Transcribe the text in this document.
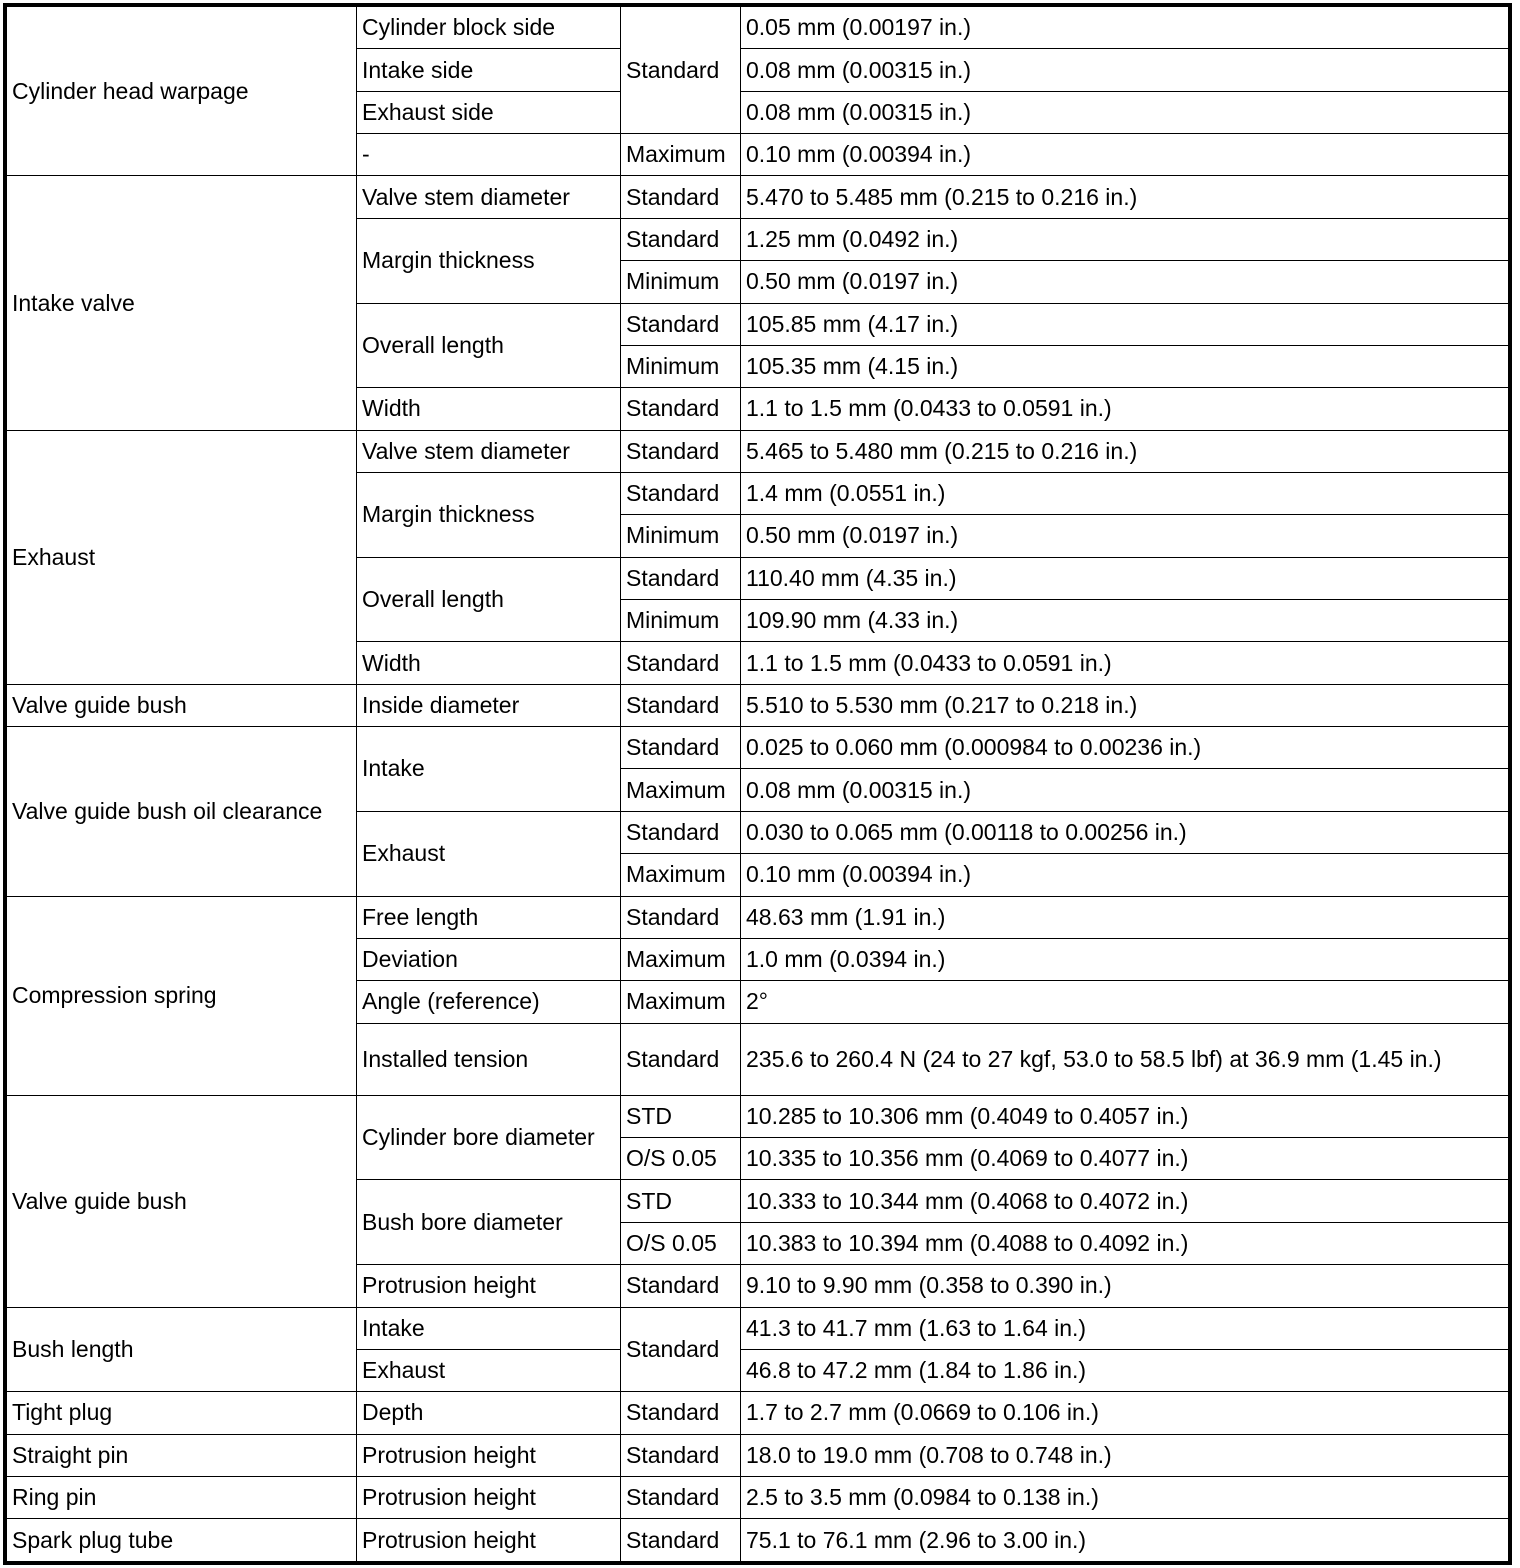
Cylinder head warpage	Cylinder block side	Standard	0.05 mm (0.00197 in.)
	Intake side		0.08 mm (0.00315 in.)
	Exhaust side		0.08 mm (0.00315 in.)
	-	Maximum	0.10 mm (0.00394 in.)
Intake valve	Valve stem diameter	Standard	5.470 to 5.485 mm (0.215 to 0.216 in.)
	Margin thickness	Standard	1.25 mm (0.0492 in.)
		Minimum	0.50 mm (0.0197 in.)
	Overall length	Standard	105.85 mm (4.17 in.)
		Minimum	105.35 mm (4.15 in.)
	Width	Standard	1.1 to 1.5 mm (0.0433 to 0.0591 in.)
Exhaust	Valve stem diameter	Standard	5.465 to 5.480 mm (0.215 to 0.216 in.)
	Margin thickness	Standard	1.4 mm (0.0551 in.)
		Minimum	0.50 mm (0.0197 in.)
	Overall length	Standard	110.40 mm (4.35 in.)
		Minimum	109.90 mm (4.33 in.)
	Width	Standard	1.1 to 1.5 mm (0.0433 to 0.0591 in.)
Valve guide bush	Inside diameter	Standard	5.510 to 5.530 mm (0.217 to 0.218 in.)
Valve guide bush oil clearance	Intake	Standard	0.025 to 0.060 mm (0.000984 to 0.00236 in.)
		Maximum	0.08 mm (0.00315 in.)
	Exhaust	Standard	0.030 to 0.065 mm (0.00118 to 0.00256 in.)
		Maximum	0.10 mm (0.00394 in.)
Compression spring	Free length	Standard	48.63 mm (1.91 in.)
	Deviation	Maximum	1.0 mm (0.0394 in.)
	Angle (reference)	Maximum	2°
	Installed tension	Standard	235.6 to 260.4 N (24 to 27 kgf, 53.0 to 58.5 lbf) at 36.9 mm (1.45 in.)
Valve guide bush	Cylinder bore diameter	STD	10.285 to 10.306 mm (0.4049 to 0.4057 in.)
		O/S 0.05	10.335 to 10.356 mm (0.4069 to 0.4077 in.)
	Bush bore diameter	STD	10.333 to 10.344 mm (0.4068 to 0.4072 in.)
		O/S 0.05	10.383 to 10.394 mm (0.4088 to 0.4092 in.)
	Protrusion height	Standard	9.10 to 9.90 mm (0.358 to 0.390 in.)
Bush length	Intake	Standard	41.3 to 41.7 mm (1.63 to 1.64 in.)
	Exhaust		46.8 to 47.2 mm (1.84 to 1.86 in.)
Tight plug	Depth	Standard	1.7 to 2.7 mm (0.0669 to 0.106 in.)
Straight pin	Protrusion height	Standard	18.0 to 19.0 mm (0.708 to 0.748 in.)
Ring pin	Protrusion height	Standard	2.5 to 3.5 mm (0.0984 to 0.138 in.)
Spark plug tube	Protrusion height	Standard	75.1 to 76.1 mm (2.96 to 3.00 in.)
